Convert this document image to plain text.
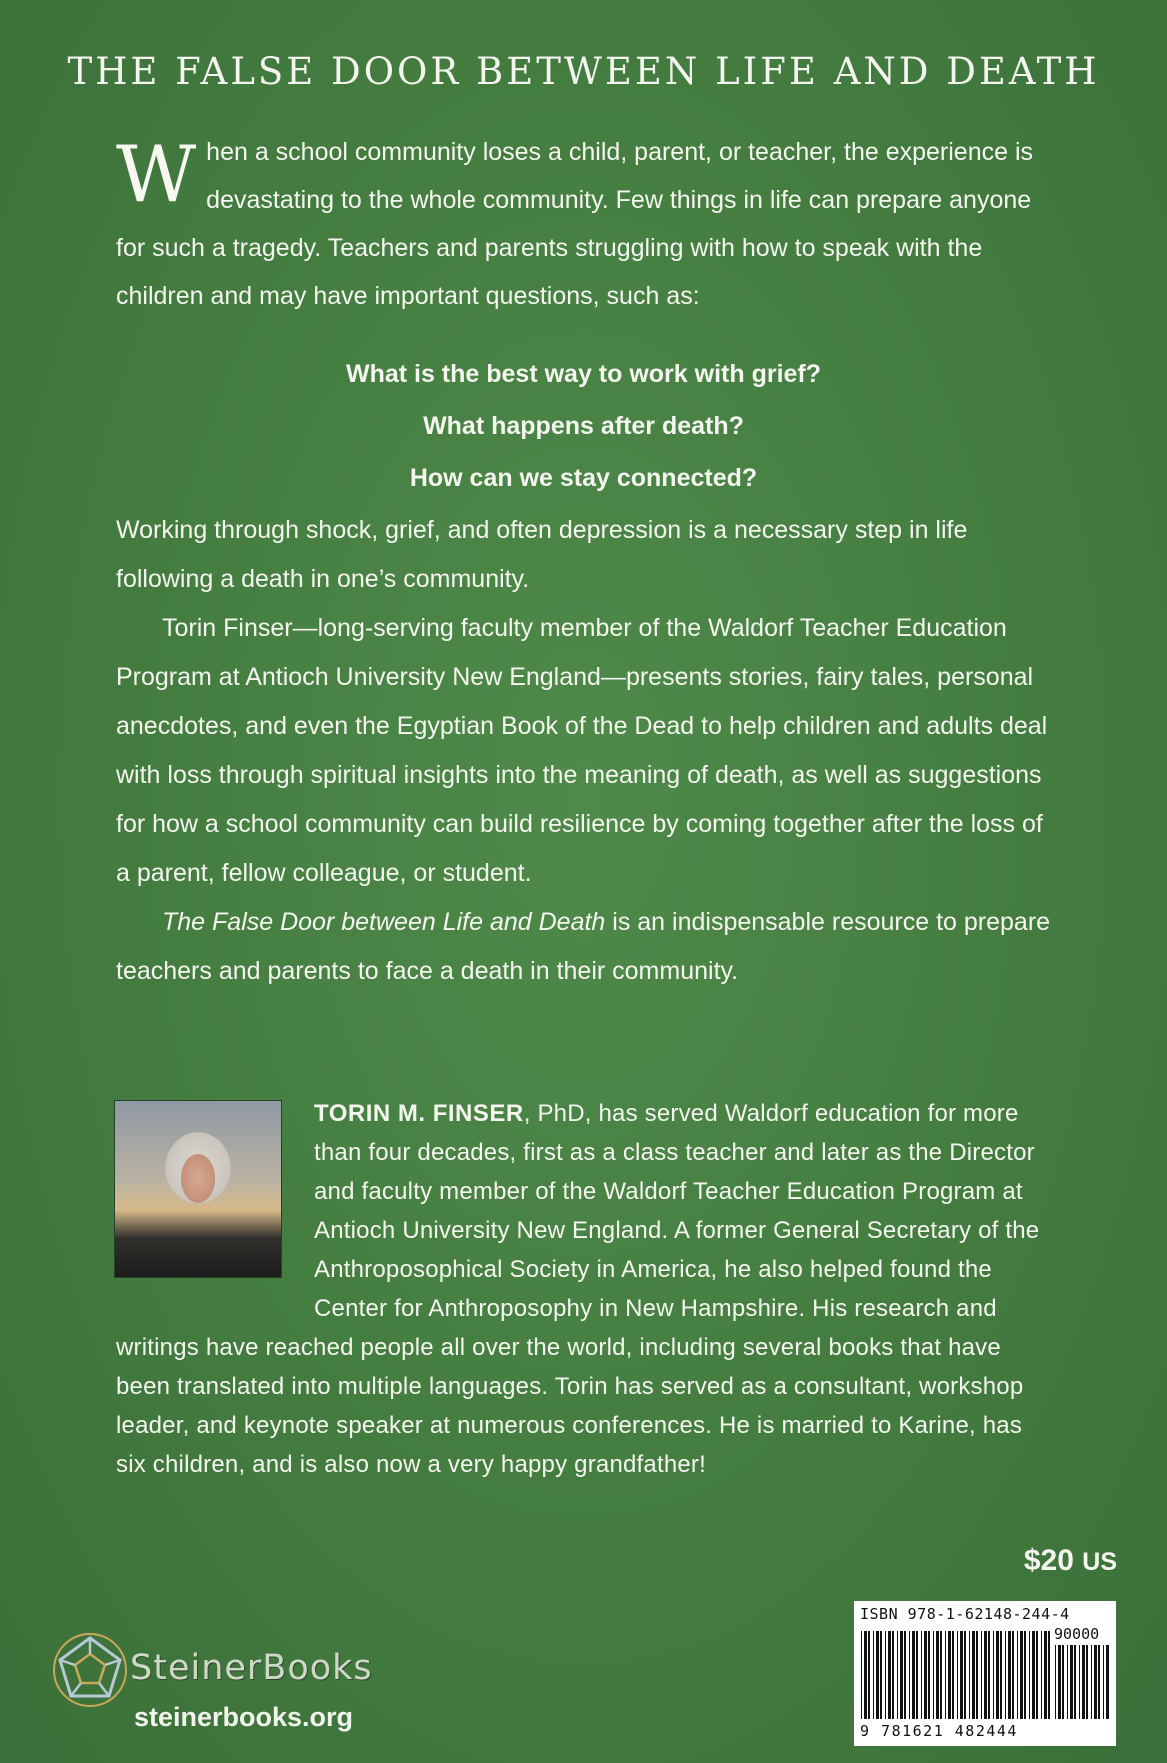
THE FALSE DOOR BETWEEN LIFE AND DEATH

When a school community loses a child, parent, or teacher, the experience is devastating to the whole community. Few things in life can prepare anyone for such a tragedy. Teachers and parents struggling with how to speak with the children and may have important questions, such as:

What is the best way to work with grief?
What happens after death?
How can we stay connected?

Working through shock, grief, and often depression is a necessary step in life following a death in one’s community.

Torin Finser—long-serving faculty member of the Waldorf Teacher Education Program at Antioch University New England—presents stories, fairy tales, personal anecdotes, and even the Egyptian Book of the Dead to help children and adults deal with loss through spiritual insights into the meaning of death, as well as suggestions for how a school community can build resilience by coming together after the loss of a parent, fellow colleague, or student.

The False Door between Life and Death is an indispensable resource to prepare teachers and parents to face a death in their community.

TORIN M. FINSER, PhD, has served Waldorf education for more than four decades, first as a class teacher and later as the Director and faculty member of the Waldorf Teacher Education Program at Antioch University New England. A former General Secretary of the Anthroposophical Society in America, he also helped found the Center for Anthroposophy in New Hampshire. His research and writings have reached people all over the world, including several books that have been translated into multiple languages. Torin has served as a consultant, workshop leader, and keynote speaker at numerous conferences. He is married to Karine, has six children, and is also now a very happy grandfather!
$20 US
ISBN 978-1-62148-244-4
90000
9 781621 482444
SteinerBooks
steinerbooks.org
